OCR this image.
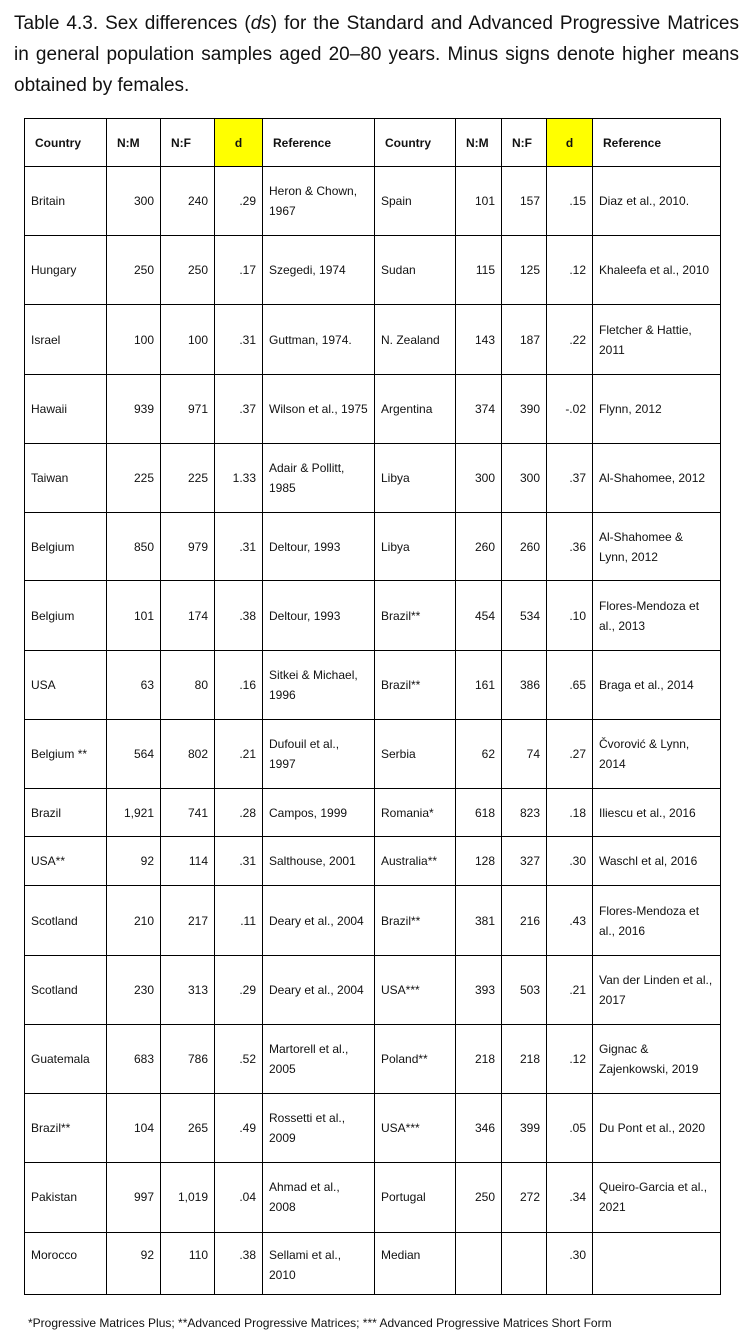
Table 4.3. Sex differences (ds) for the Standard and Advanced Progressive Matrices in general population samples aged 20–80 years. Minus signs denote higher means obtained by females.
Country	N:M	N:F	d	Reference	Country	N:M	N:F	d	Reference
Britain	300	240	.29	Heron & Chown, 1967	Spain	101	157	.15	Diaz et al., 2010.
Hungary	250	250	.17	Szegedi, 1974	Sudan	115	125	.12	Khaleefa et al., 2010
Israel	100	100	.31	Guttman, 1974.	N. Zealand	143	187	.22	Fletcher & Hattie, 2011
Hawaii	939	971	.37	Wilson et al., 1975	Argentina	374	390	-.02	Flynn, 2012
Taiwan	225	225	1.33	Adair & Pollitt, 1985	Libya	300	300	.37	Al-Shahomee, 2012
Belgium	850	979	.31	Deltour, 1993	Libya	260	260	.36	Al-Shahomee & Lynn, 2012
Belgium	101	174	.38	Deltour, 1993	Brazil**	454	534	.10	Flores-Mendoza et al., 2013
USA	63	80	.16	Sitkei & Michael, 1996	Brazil**	161	386	.65	Braga et al., 2014
Belgium **	564	802	.21	Dufouil et al., 1997	Serbia	62	74	.27	Čvorović & Lynn, 2014
Brazil	1,921	741	.28	Campos, 1999	Romania*	618	823	.18	Iliescu et al., 2016
USA**	92	114	.31	Salthouse, 2001	Australia**	128	327	.30	Waschl et al, 2016
Scotland	210	217	.11	Deary et al., 2004	Brazil**	381	216	.43	Flores-Mendoza et al., 2016
Scotland	230	313	.29	Deary et al., 2004	USA***	393	503	.21	Van der Linden et al., 2017
Guatemala	683	786	.52	Martorell et al., 2005	Poland**	218	218	.12	Gignac & Zajenkowski, 2019
Brazil**	104	265	.49	Rossetti et al., 2009	USA***	346	399	.05	Du Pont et al., 2020
Pakistan	997	1,019	.04	Ahmad et al., 2008	Portugal	250	272	.34	Queiro-Garcia et al., 2021
Morocco	92	110	.38	Sellami et al., 2010	Median			.30	
*Progressive Matrices Plus; **Advanced Progressive Matrices; *** Advanced Progressive Matrices Short Form
